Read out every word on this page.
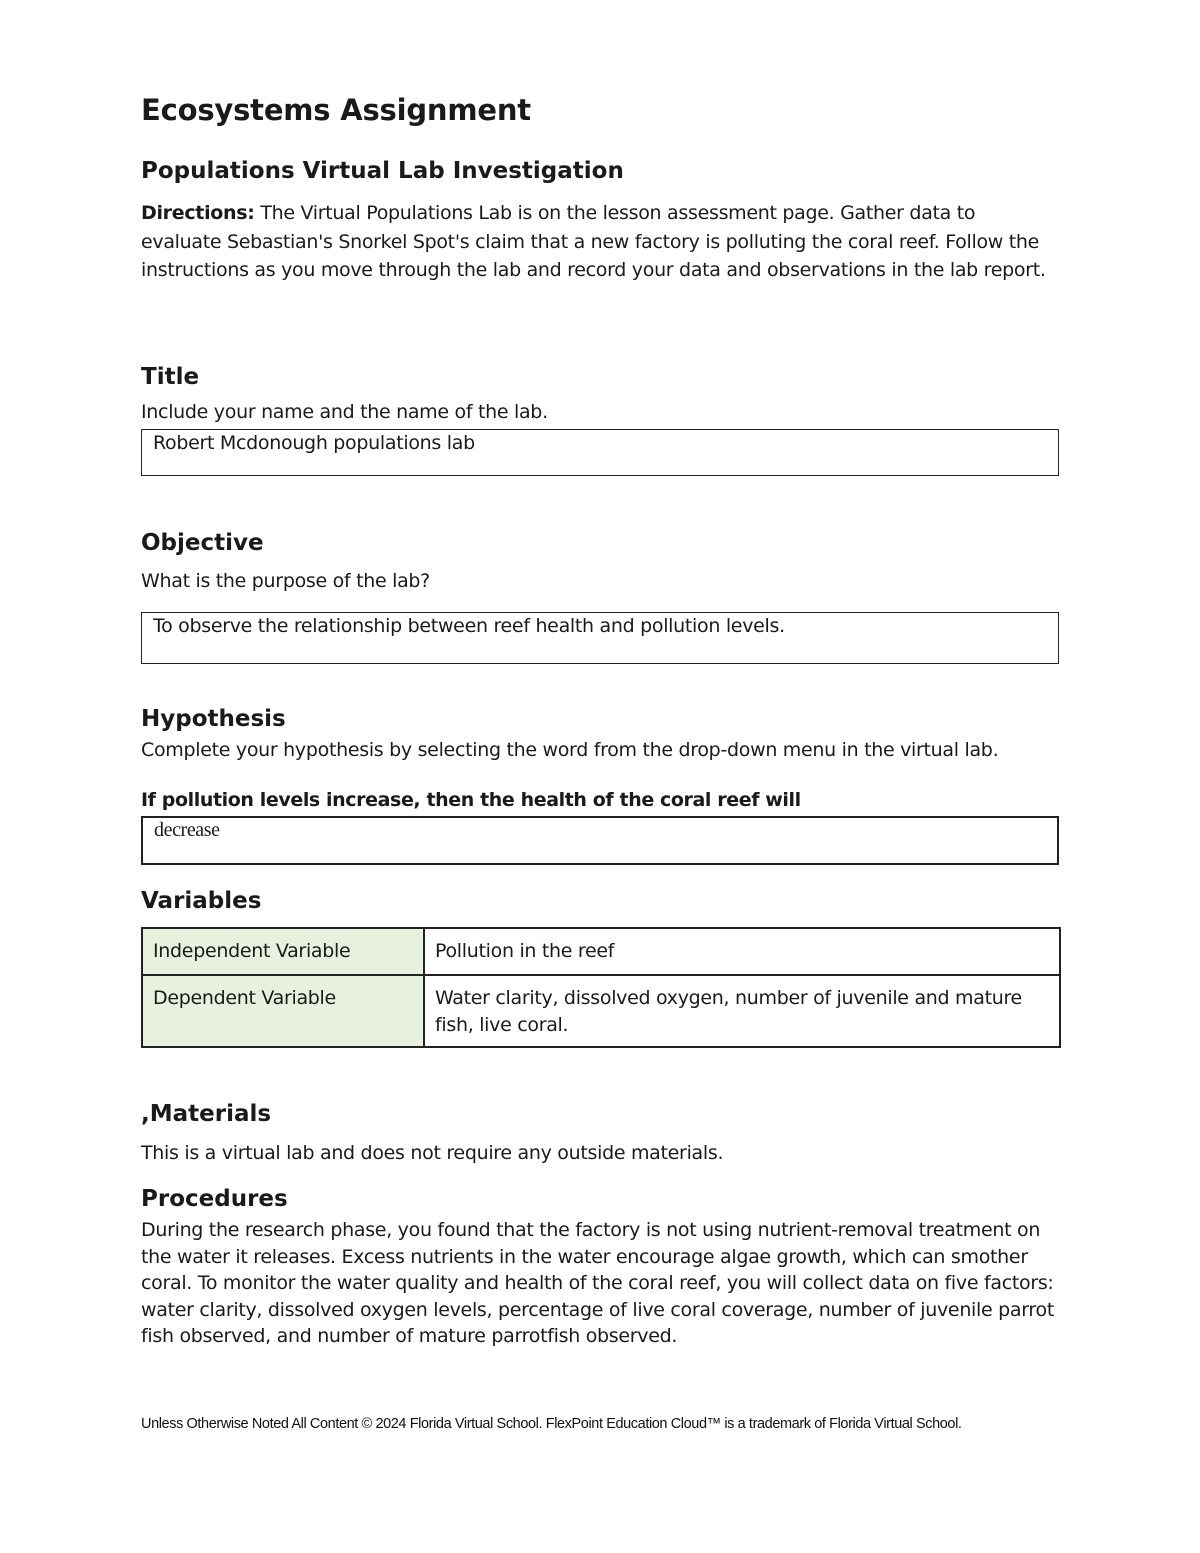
Ecosystems Assignment
Populations Virtual Lab Investigation

Directions: The Virtual Populations Lab is on the lesson assessment page. Gather data to evaluate Sebastian's Snorkel Spot's claim that a new factory is polluting the coral reef. Follow the instructions as you move through the lab and record your data and observations in the lab report.

Title

Include your name and the name of the lab.

Robert Mcdonough populations lab
Objective

What is the purpose of the lab?

To observe the relationship between reef health and pollution levels.
Hypothesis

Complete your hypothesis by selecting the word from the drop-down menu in the virtual lab.

If pollution levels increase, then the health of the coral reef will

decrease
Variables
Independent Variable	Pollution in the reef
Dependent Variable	Water clarity, dissolved oxygen, number of juvenile and mature fish, live coral.
,Materials

This is a virtual lab and does not require any outside materials.

Procedures

During the research phase, you found that the factory is not using nutrient-removal treatment on the water it releases. Excess nutrients in the water encourage algae growth, which can smother coral. To monitor the water quality and health of the coral reef, you will collect data on five factors: water clarity, dissolved oxygen levels, percentage of live coral coverage, number of juvenile parrot fish observed, and number of mature parrotfish observed.

Unless Otherwise Noted All Content © 2024 Florida Virtual School. FlexPoint Education Cloud™ is a trademark of Florida Virtual School.
